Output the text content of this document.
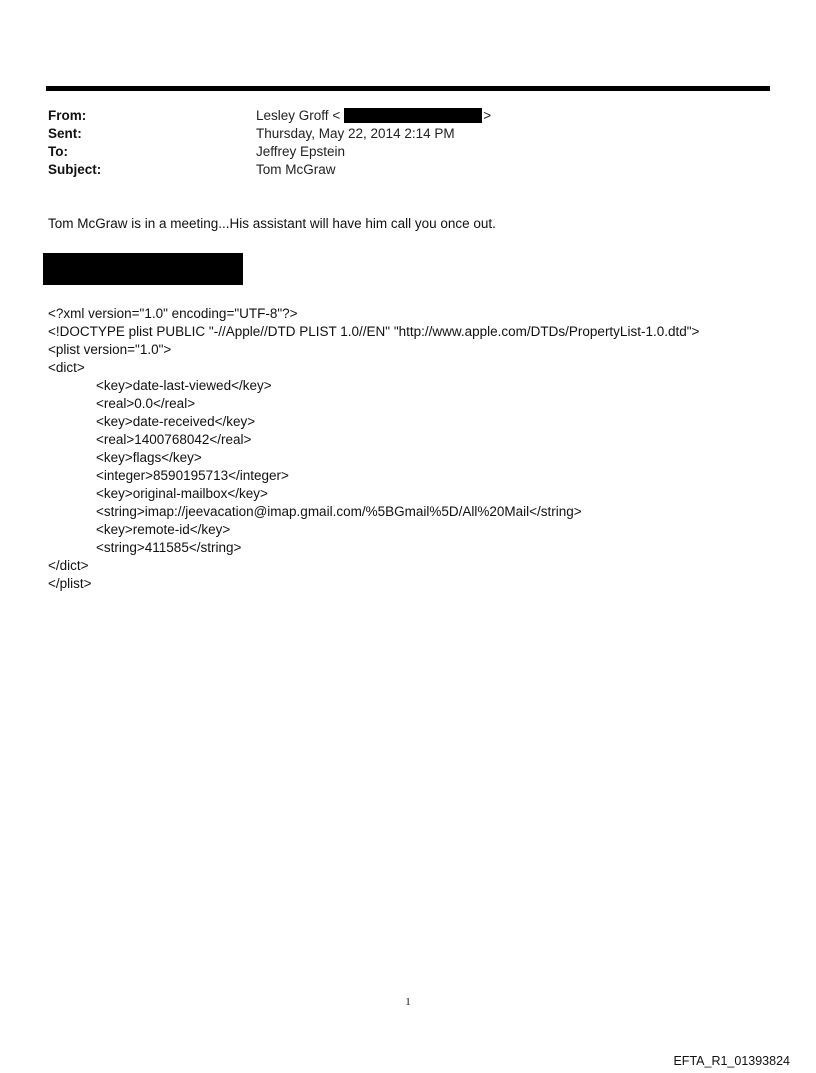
From:	Lesley Groff <	>
Sent:	Thursday, May 22, 2014 2:14 PM
To:	Jeffrey Epstein
Subject:	Tom McGraw
Tom McGraw is in a meeting...His assistant will have him call you once out.
<?xml version="1.0" encoding="UTF-8"?>
<!DOCTYPE plist PUBLIC "-//Apple//DTD PLIST 1.0//EN" "http://www.apple.com/DTDs/PropertyList-1.0.dtd">
<plist version="1.0">
<dict>
<key>date-last-viewed</key>
<real>0.0</real>
<key>date-received</key>
<real>1400768042</real>
<key>flags</key>
<integer>8590195713</integer>
<key>original-mailbox</key>
<string>imap://jeevacation@imap.gmail.com/%5BGmail%5D/All%20Mail</string>
<key>remote-id</key>
<string>411585</string>
</dict>
</plist>
1
EFTA_R1_01393824
